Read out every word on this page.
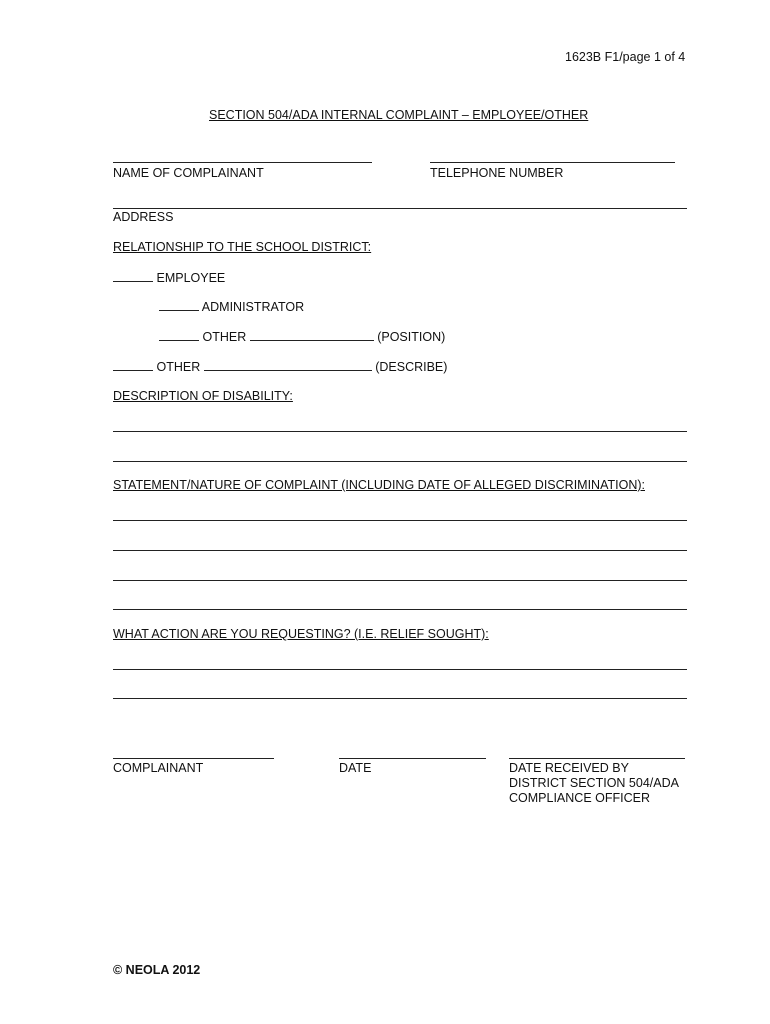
1623B F1/page 1 of 4
SECTION 504/ADA INTERNAL COMPLAINT – EMPLOYEE/OTHER
NAME OF COMPLAINANT	TELEPHONE NUMBER
ADDRESS
RELATIONSHIP TO THE SCHOOL DISTRICT:
EMPLOYEE
ADMINISTRATOR
OTHER	(POSITION)
OTHER	(DESCRIBE)
DESCRIPTION OF DISABILITY:
STATEMENT/NATURE OF COMPLAINT (INCLUDING DATE OF ALLEGED DISCRIMINATION):
WHAT ACTION ARE YOU REQUESTING? (I.E. RELIEF SOUGHT):
COMPLAINANT	DATE	DATE RECEIVED BY
DISTRICT SECTION 504/ADA
COMPLIANCE OFFICER
© NEOLA 2012
